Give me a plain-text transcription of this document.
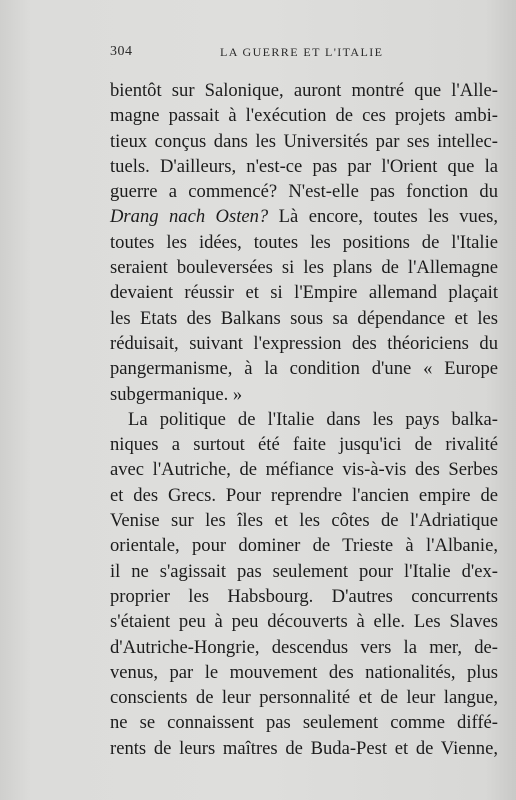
304	LA GUERRE ET L'ITALIE
bientôt sur Salonique, auront montré que l'Alle-
magne passait à l'exécution de ces projets ambi-
tieux conçus dans les Universités par ses intellec-
tuels. D'ailleurs, n'est-ce pas par l'Orient que la
guerre a commencé? N'est-elle pas fonction du
Drang nach Osten? Là encore, toutes les vues,
toutes les idées, toutes les positions de l'Italie
seraient bouleversées si les plans de l'Allemagne
devaient réussir et si l'Empire allemand plaçait
les Etats des Balkans sous sa dépendance et les
réduisait, suivant l'expression des théoriciens du
pangermanisme, à la condition d'une « Europe
subgermanique. »
La politique de l'Italie dans les pays balka-
niques a surtout été faite jusqu'ici de rivalité
avec l'Autriche, de méfiance vis-à-vis des Serbes
et des Grecs. Pour reprendre l'ancien empire de
Venise sur les îles et les côtes de l'Adriatique
orientale, pour dominer de Trieste à l'Albanie,
il ne s'agissait pas seulement pour l'Italie d'ex-
proprier les Habsbourg. D'autres concurrents
s'étaient peu à peu découverts à elle. Les Slaves
d'Autriche-Hongrie, descendus vers la mer, de-
venus, par le mouvement des nationalités, plus
conscients de leur personnalité et de leur langue,
ne se connaissent pas seulement comme diffé-
rents de leurs maîtres de Buda-Pest et de Vienne,
